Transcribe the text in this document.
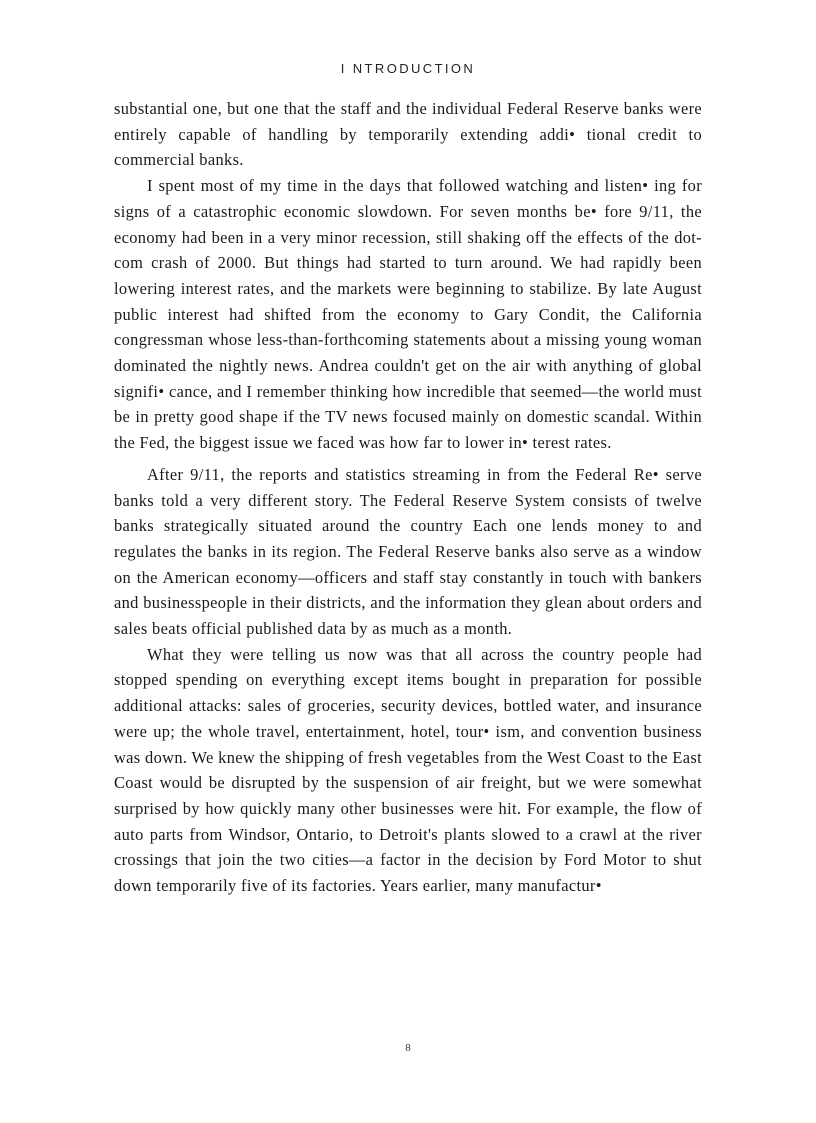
I NTRODUCTION

substantial one, but one that the staff and the individual Federal Reserve banks were entirely capable of handling by temporarily extending addi• tional credit to commercial banks.

I spent most of my time in the days that followed watching and listen• ing for signs of a catastrophic economic slowdown. For seven months be• fore 9/11, the economy had been in a very minor recession, still shaking off the effects of the dot-com crash of 2000. But things had started to turn around. We had rapidly been lowering interest rates, and the markets were beginning to stabilize. By late August public interest had shifted from the economy to Gary Condit, the California congressman whose less-than-forthcoming statements about a missing young woman dominated the nightly news. Andrea couldn't get on the air with anything of global signifi• cance, and I remember thinking how incredible that seemed—the world must be in pretty good shape if the TV news focused mainly on domestic scandal. Within the Fed, the biggest issue we faced was how far to lower in• terest rates.

After 9/11, the reports and statistics streaming in from the Federal Re• serve banks told a very different story. The Federal Reserve System consists of twelve banks strategically situated around the country Each one lends money to and regulates the banks in its region. The Federal Reserve banks also serve as a window on the American economy—officers and staff stay constantly in touch with bankers and businesspeople in their districts, and the information they glean about orders and sales beats official published data by as much as a month.

What they were telling us now was that all across the country people had stopped spending on everything except items bought in preparation for possible additional attacks: sales of groceries, security devices, bottled water, and insurance were up; the whole travel, entertainment, hotel, tour• ism, and convention business was down. We knew the shipping of fresh vegetables from the West Coast to the East Coast would be disrupted by the suspension of air freight, but we were somewhat surprised by how quickly many other businesses were hit. For example, the flow of auto parts from Windsor, Ontario, to Detroit's plants slowed to a crawl at the river crossings that join the two cities—a factor in the decision by Ford Motor to shut down temporarily five of its factories. Years earlier, many manufactur•

8
